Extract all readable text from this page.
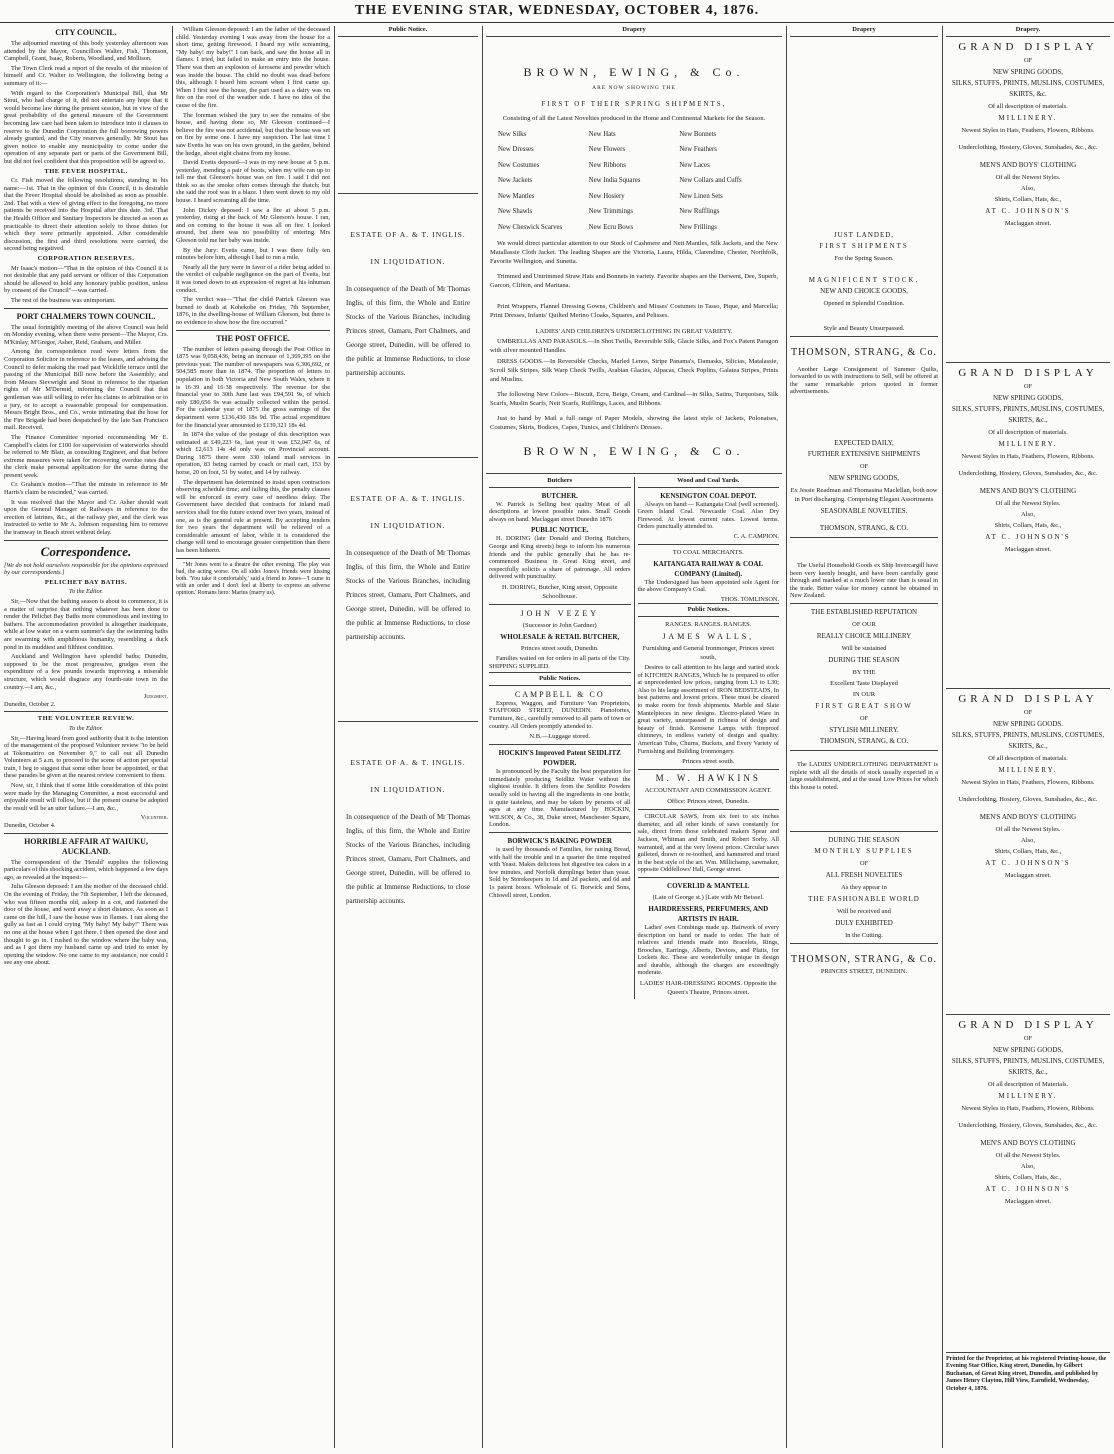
THE EVENING STAR, WEDNESDAY, OCTOBER 4, 1876.
CITY COUNCIL.

The adjourned meeting of this body yesterday afternoon was attended by the Mayor, Councillors Walter, Fish, Thomson, Campbell, Grant, Isaac, Roberts, Woodland, and Mollison.

The Town Clerk read a report of the results of the mission of himself and Cr. Walter to Wellington, the following being a summary of it:—

With regard to the Corporation's Municipal Bill, that Mr Stout, who had charge of it, did not entertain any hope that it would become law during the present session, but in view of the great probability of the general measure of the Government becoming law care had been taken to introduce into it clauses to reserve to the Dunedin Corporation the full borrowing powers already granted, and the City reserves generally. Mr Stout has given notice to enable any municipality to come under the operation of any separate part or parts of the Government Bill, but did not feel confident that this proposition will be agreed to.

THE FEVER HOSPITAL.

Cr. Fish moved the following resolutions, standing in his name:—1st. That in the opinion of this Council, it is desirable that the Fever Hospital should be abolished as soon as possible. 2nd. That with a view of giving effect to the foregoing, no more patients be received into the Hospital after this date. 3rd. That the Health Officer and Sanitary Inspectors be directed as soon as practicable to direct their attention solely to those duties for which they were primarily appointed. After considerable discussion, the first and third resolutions were carried, the second being negatived.

CORPORATION RESERVES.

Mr Isaac's motion—"That in the opinion of this Council it is not desirable that any paid servant or officer of this Corporation should be allowed to hold any honorary public position, unless by consent of the Council"—was carried.

The rest of the business was unimportant.

PORT CHALMERS TOWN COUNCIL.

The usual fortnightly meeting of the above Council was held on Monday evening, when there were present—The Mayor, Crs. M'Kinlay, M'Gregor, Asher, Reid, Graham, and Miller.

Among the correspondence read were letters from the Corporation Solicitor in reference to the leases, and advising the Council to defer making the road past Wickliffe terrace until the passing of the Municipal Bill now before the Assembly; and from Messrs Sievwright and Stout in reference to the riparian rights of Mr M'Dermid, informing the Council that that gentleman was still willing to refer his claims to arbitration or to a jury, or to accept a reasonable proposal for compensation. Messrs Bright Bros., and Co., wrote intimating that the hose for the Fire Brigade had been despatched by the late San Francisco mail. Received.

The Finance Committee reported recommending Mr E. Campbell's claim for £100 for supervision of waterworks should be referred to Mr Blair, as consulting Engineer, and that before extreme measures were taken for recovering overdue rates that the clerk make personal application for the same during the present week.

Cr. Graham's motion—"That the minute in reference to Mr Harris's claim be rescinded," was carried.

It was resolved that the Mayor and Cr. Asher should wait upon the General Manager of Railways in reference to the erection of latrines, &c., at the railway pier, and the clerk was instructed to write to Mr A. Johnson requesting him to remove the tramway in Beach street without delay.

Correspondence.

[We do not hold ourselves responsible for the opinions expressed by our correspondents.]

PELICHET BAY BATHS.
To the Editor.

Sir,—Now that the bathing season is about to commence, it is a matter of surprise that nothing whatever has been done to render the Pelichet Bay Baths more commodious and inviting to bathers. The accommodation provided is altogether inadequate, while at low water on a warm summer's day the swimming baths are swarming with amphibious humanity, resembling a duck pond in its muddiest and filthiest condition.

Auckland and Wellington have splendid baths; Dunedin, supposed to be the most progressive, grudges even the expenditure of a few pounds towards improving a miserable structure, which would disgrace any fourth-rate town in the country.—I am, &c.,

Judgment.
Dunedin, October 2.
THE VOLUNTEER REVIEW.
To the Editor.

Sir,—Having heard from good authority that it is the intention of the management of the proposed Volunteer review "to be held at Tokomairiro on November 9," to call out all Dunedin Volunteers at 5 a.m. to proceed to the scene of action per special train, I beg to suggest that some other hour be appointed, or that these parades be given at the nearest review convenient to them.

Now, sir, I think that if some little consideration of this point were made by the Managing Committee, a most successful and enjoyable result will follow, but if the present course be adopted the result will be an utter failure.—I am, &c.,

Volunteer.
Dunedin, October 4.
HORRIBLE AFFAIR AT WAIUKU, AUCKLAND.

The correspondent of the 'Herald' supplies the following particulars of this shocking accident, which happened a few days ago, as revealed at the inquest:—

Julia Gleeson deposed: I am the mother of the deceased child. On the evening of Friday, the 7th September, I left the deceased, who was fifteen months old, asleep in a cot, and fastened the door of the house, and went away a short distance. As soon as I came on the hill, I saw the house was in flames. I ran along the gully as fast as I could crying "My baby! My baby!" There was no one at the house when I got there. I then opened the door and thought to go in. I rushed to the window where the baby was, and as I got there my husband came up and tried to enter by opening the window. No one came to my assistance, nor could I see any one about.

William Gleeson deposed: I am the father of the deceased child. Yesterday evening I was away from the house for a short time, getting firewood. I heard my wife screaming, "My baby! my baby!" I ran back, and saw the house all in flames. I tried, but failed to make an entry into the house. There was then an explosion of kerosene and powder which was inside the house. The child no doubt was dead before this, although I heard him scream when I first came up. When I first saw the house, the part used as a dairy was on fire on the roof of the weather side. I have no idea of the cause of the fire.

The foreman wished the jury to see the remains of the house, and having done so, Mr Gleeson continued—I believe the fire was not accidental, but that the house was set on fire by some one. I have my suspicion. The last time I saw Evetts he was on his own ground, in the garden, behind the hedge, about eight chains from my house.

David Evetts deposed—I was in my new house at 5 p.m. yesterday, mending a pair of boots, when my wife ran up to tell me that Gleeson's house was on fire. I said I did not think so as the smoke often comes through the thatch; but she said the roof was in a blaze. I then went down to my old house. I heard screaming all the time.

John Dickey deposed: I saw a fire at about 5 p.m. yesterday, rising at the back of Mr Gleeson's house. I ran, and on coming to the house it was all on fire. I looked around, but there was no possibility of entering. Mrs Gleeson told me her baby was inside.

By the Jury: Evetts came, but I was there fully ten minutes before him, although I had to run a mile.

Nearly all the jury were in favor of a rider being added to the verdict of culpable negligence on the part of Evetts, but it was toned down to an expression of regret at his inhuman conduct.

The verdict was—"That the child Patrick Gleeson was burned to death at Kohekohe on Friday, 7th September, 1876, in the dwelling-house of William Gleeson, but there is no evidence to show how the fire occurred."

THE POST OFFICE.

The number of letters passing through the Post Office in 1875 was 9,058,436, being an increase of 1,369,395 on the previous year. The number of newspapers was 6,306,692, or 504,585 more than in 1874. The proportion of letters to population in both Victoria and New South Wales, where it is 16·39 and 16·38 respectively. The revenue for the financial year to 30th June last was £94,591 9s, of which only £80,656 9s was actually collected within the period. For the calendar year of 1875 the gross earnings of the department were £136,430 18s 9d. The actual expenditure for the financial year amounted to £139,321 18s 4d.

In 1874 the value of the postage of this description was estimated at £49,223 6s, last year it was £52,047 6s, of which £2,613 14s 4d only was on Provincial account. During 1875 there were 330 inland mail services in operation, 83 being carried by coach or mail cart, 153 by horse, 20 on foot, 51 by water, and 14 by railway.

The department has determined to insist upon contractors observing schedule time; and failing this, the penalty clauses will be enforced in every case of needless delay. The Government have decided that contracts for inland mail services shall for the future extend over two years, instead of one, as is the general rule at present. By accepting tenders for two years the department will be relieved of a considerable amount of labor, while it is considered the change will tend to encourage greater competition than there has been hitherto.

"Mr Jones went to a theatre the other evening. The play was bad, the acting worse. On all sides Jones's friends were hissing both. 'You take it comfortably,' said a friend to Jones—'I came in with an order and I don't feel at liberty to express an adverse opinion.' Romans hero: Marius (marry us).

Public Notice.
ESTATE OF A. & T. INGLIS.
IN LIQUIDATION.
In consequence of the Death of Mr Thomas Inglis, of this firm, the Whole and Entire Stocks of the Various Branches, including Princes street, Oamaru, Port Chalmers, and George street, Dunedin, will be offered to the public at Immense Reductions, to close partnership accounts.
ESTATE OF A. & T. INGLIS.
IN LIQUIDATION.
In consequence of the Death of Mr Thomas Inglis, of this firm, the Whole and Entire Stocks of the Various Branches, including Princes street, Oamaru, Port Chalmers, and George street, Dunedin, will be offered to the public at Immense Reductions, to close partnership accounts.
ESTATE OF A. & T. INGLIS.
IN LIQUIDATION.
In consequence of the Death of Mr Thomas Inglis, of this firm, the Whole and Entire Stocks of the Various Branches, including Princes street, Oamaru, Port Chalmers, and George street, Dunedin, will be offered to the public at Immense Reductions, to close partnership accounts.
Drapery
BROWN, EWING, & Co.
ARE NOW SHOWING THE
FIRST OF THEIR SPRING SHIPMENTS,
Consisting of all the Latest Novelties produced in the Home and Continental Markets for the Season.
New Silks	New Hats	New Bonnets
New Dresses	New Flowers	New Feathers
New Costumes	New Ribbons	New Laces
New Jackets	New India Squares	New Collars and Cuffs
New Mantles	New Hosiery	New Linen Sets
New Shawls	New Trimmings	New Rufflings
New Cheswick Scarves	New Ecru Bows	New Frillings

We would direct particular attention to our Stock of Cashmere and Nett Mantles, Silk Jackets, and the New Matallassie Cloth Jacket. The leading Shapes are the Victoria, Laura, Hilda, Clarendine, Chester, Northfolk, Favorite Wellington, and Sunetta.

Trimmed and Untrimmed Straw Hats and Bonnets in variety. Favorite shapes are the Derwent, Dee, Superb, Garcon, Clifton, and Maritana.

Print Wrappers, Flannel Dressing Gowns, Children's and Misses' Costumes in Tasso, Pique, and Marcella; Print Dresses, Infants' Quilted Merino Cloaks, Squares, and Pelisses.

LADIES' AND CHILDREN'S UNDERCLOTHING IN GREAT VARIETY.

UMBRELLAS AND PARASOLS.—In Shot Twills, Reversible Silk, Glacie Silks, and Fox's Patent Paragon with silver mounted Handles.

DRESS GOODS.—In Reversible Checks, Marled Lenos, Stripe Panama's, Damasks, Silicias, Matalassie, Scroll Silk Stripes, Silk Warp Check Twills, Arabian Glacies, Alpacas, Check Poplins, Galatea Stripes, Prints and Muslins.

The following New Colors—Biscuit, Ecru, Beige, Cream, and Cardinal—in Silks, Satins, Turquoises, Silk Scarfs, Muslin Scarfs, Nett Scarfs, Rufflings, Laces, and Ribbons.

Just to hand by Mail a full range of Paper Models, showing the latest style of Jackets, Polonaises, Costumes, Skirts, Bodices, Capes, Tunics, and Children's Dresses.

BROWN, EWING, & Co.
Butchers
BUTCHER.

W. Patrick is Selling best quality Meat of all descriptions at lowest possible rates. Small Goods always on hand. Maclaggan street Dunedin 1876

PUBLIC NOTICE.

H. DORING (late Donald and Doring Butchers, George and King streets) begs to inform his numerous friends and the public generally that he has re-commenced Business in Great King street, and respectfully solicits a share of patronage. All orders delivered with punctuality.

H. DORING, Butcher, King street, Opposite Schoolhouse.
JOHN VEZEY
(Successor to John Gardner)
WHOLESALE & RETAIL BUTCHER,
Princes street south, Dunedin.

Families waited on for orders in all parts of the City. SHIPPING SUPPLIED.

Public Notices.
CAMPBELL & CO

Express, Waggon, and Furniture Van Proprietors, STAFFORD STREET, DUNEDIN. Pianofortes, Furniture, &c., carefully removed to all parts of town or country. All Orders promptly attended to.

N.B.—Luggage stored.
HOCKIN'S Improved Patent SEIDLITZ POWDER.

Is pronounced by the Faculty the best preparation for immediately producing Seidlitz Water without the slightest trouble. It differs from the Seidlitz Powders usually sold in having all the ingredients in one bottle, is quite tasteless, and may be taken by persons of all ages at any time. Manufactured by HOCKIN, WILSON, & Co., 38, Duke street, Manchester Square, London.

BORWICK'S BAKING POWDER

is used by thousands of Families, for raising Bread, with half the trouble and in a quarter the time required with Yeast. Makes delicious hot digestive tea cakes in a few minutes, and Norfolk dumplings better than yeast. Sold by Storekeepers in 1d and 2d packets, and 6d and 1s patent boxes. Wholesale of G. Borwick and Sons, Chiswell street, London.

Wood and Coal Yards.
KENSINGTON COAL DEPOT.

Always on hand:— Kaitangata Coal (well screened). Green Island Coal. Newcastle Coal. Also Dry Firewood. At lowest current rates. Lowest terms. Orders punctually attended to.

C. A. CAMPION.
TO COAL MERCHANTS.
KAITANGATA RAILWAY & COAL COMPANY (Limited).

The Undersigned has been appointed sole Agent for the above Company's Coal.

THOS. TOMLINSON.
Public Notices.
RANGES. RANGES. RANGES.
JAMES WALLS,
Furnishing and General Ironmonger, Princes street south,

Desires to call attention to his large and varied stock of KITCHEN RANGES, Which he is prepared to offer at unprecedented low prices, ranging from L3 to L30; Also to his large assortment of IRON BEDSTEADS, In best patterns and lowest prices. These must be cleared to make room for fresh shipments. Marble and Slate Mantelpieces in new designs. Electro-plated Ware in great variety, unsurpassed in richness of design and beauty of finish. Kerosene Lamps with fireproof chimneys, in endless variety of design and quality. American Tubs, Churns, Buckets, and Every Variety of Furnishing and Building Ironmongery.

Princes street south.
M. W. HAWKINS
ACCOUNTANT AND COMMISSION AGENT.
Office: Princes street, Dunedin.

CIRCULAR SAWS, from six feet to six inches diameter, and all other kinds of saws constantly for sale, direct from those celebrated makers Spear and Jackson, Whitman and Smith, and Robert Sorby. All warranted, and at the very lowest prices. Circular saws gulleted, drawn or re-toothed, and hammered and trued in the best style of the art. Wm. Millichamp, sawmaker, opposite Oddfellows' Hall, George street.

COVERLID & MANTELL
(Late of George st.) [Late with Mr Beissel.
HAIRDRESSERS, PERFUMERS, AND ARTISTS IN HAIR.

Ladies' own Combings made up. Hairwork of every description on hand or made to order. The hair of relatives and friends made into Bracelets, Rings, Brooches, Earrings, Alberts, Devices, and Plaits, for Lockets &c. These are wonderfully unique in design and durable, although the charges are exceedingly moderate.

LADIES' HAIR-DRESSING ROOMS. Opposite the Queen's Theatre, Princes street.
Drapery
JUST LANDED,
FIRST SHIPMENTS
For the Spring Season.
MAGNIFICENT STOCK,
NEW AND CHOICE GOODS,
Opened in Splendid Condition.
Style and Beauty Unsurpassed.
THOMSON, STRANG, & Co.

Another Large Consignment of Summer Quilts, forwarded to us with instructions to Sell, will be offered at the same remarkable prices quoted in former advertisements.

EXPECTED DAILY,
FURTHER EXTENSIVE SHIPMENTS
OF
NEW SPRING GOODS,
Ex Jessie Readman and Thomasina Maclellan, both now in Port discharging. Comprising Elegant Assortments
SEASONABLE NOVELTIES.
THOMSON, STRANG, & CO.

The Useful Household Goods ex Ship Invercargill have been very keenly bought, and have been carefully gone through and marked at a much lower rate than is usual in the trade. Better value for money cannot be obtained in New Zealand.

THE ESTABLISHED REPUTATION
OF OUR
REALLY CHOICE MILLINERY
Will be sustained
DURING THE SEASON
BY THE
Excellent Taste Displayed
IN OUR
FIRST GREAT SHOW
OF
STYLISH MILLINERY.
THOMSON, STRANG, & CO.

The LADIES UNDERCLOTHING DEPARTMENT is replete with all the details of stock usually expected in a large establishment, and at the usual Low Prices for which this house is noted.

DURING THE SEASON
MONTHLY SUPPLIES
OF
ALL FRESH NOVELTIES
As they appear in
THE FASHIONABLE WORLD
Will be received and
DULY EXHIBITED
In the Cutting.
THOMSON, STRANG, & Co.
PRINCES STREET, DUNEDIN.
Drapery.
GRAND DISPLAY
OF
NEW SPRING GOODS,
SILKS, STUFFS, PRINTS, MUSLINS, COSTUMES, SKIRTS, &c.
Of all description of materials.
MILLINERY.
Newest Styles in Hats, Feathers, Flowers, Ribbons.
Underclothing, Hosiery, Gloves, Sunshades, &c., &c.
MEN'S AND BOYS' CLOTHING
Of all the Newest Styles.
Also,
Shirts, Collars, Hats, &c.,
AT C. JOHNSON'S
Maclaggan street.
GRAND DISPLAY
OF
NEW SPRING GOODS,
SILKS, STUFFS, PRINTS, MUSLINS, COSTUMES, SKIRTS, &c.,
Of all description of materials.
MILLINERY.
Newest Styles in Hats, Feathers, Flowers, Ribbons.
Underclothing, Hosiery, Gloves, Sunshades, &c., &c.
MEN'S AND BOY'S CLOTHING
Of all the Newest Styles.
Also,
Shirts, Collars, Hats, &c.,
AT C. JOHNSON'S
Maclaggan street.
GRAND DISPLAY
OF
NEW SPRING GOODS.
SILKS, STUFFS, PRINTS, MUSLINS, COSTUMES, SKIRTS, &c.,
Of all description of materials.
MILLINERY.
Newest Styles in Hats, Feathers, Flowers, Ribbons.
Underclothing, Hosiery, Gloves, Sunshades, &c., &c.
MEN'S AND BOYS' CLOTHING
Of all the Newest Styles.
Also,
Shirts, Collars, Hats, &c.,
AT C. JOHNSON'S
Maclaggan street.
GRAND DISPLAY
OF
NEW SPRING GOODS,
SILKS, STUFFS, PRINTS, MUSLINS, COSTUMES, SKIRTS, &c.,
Of all description of Materials.
MILLINERY.
Newest Styles in Hats, Feathers, Flowers, Ribbons.
Underclothing, Hosiery, Gloves, Sunshades, &c., &c.
MEN'S AND BOYS CLOTHING
Of all the Newest Styles.
Also,
Shirts, Collars, Hats, &c.,
AT C. JOHNSON'S
Maclaggan street.
Printed for the Proprietor, at his registered Printing-house, the Evening Star Office, King street, Dunedin, by Gilbert Buchanan, of Great King street, Dunedin, and published by James Henry Clayton, Hill View, Earnfield, Wednesday, October 4, 1876.
